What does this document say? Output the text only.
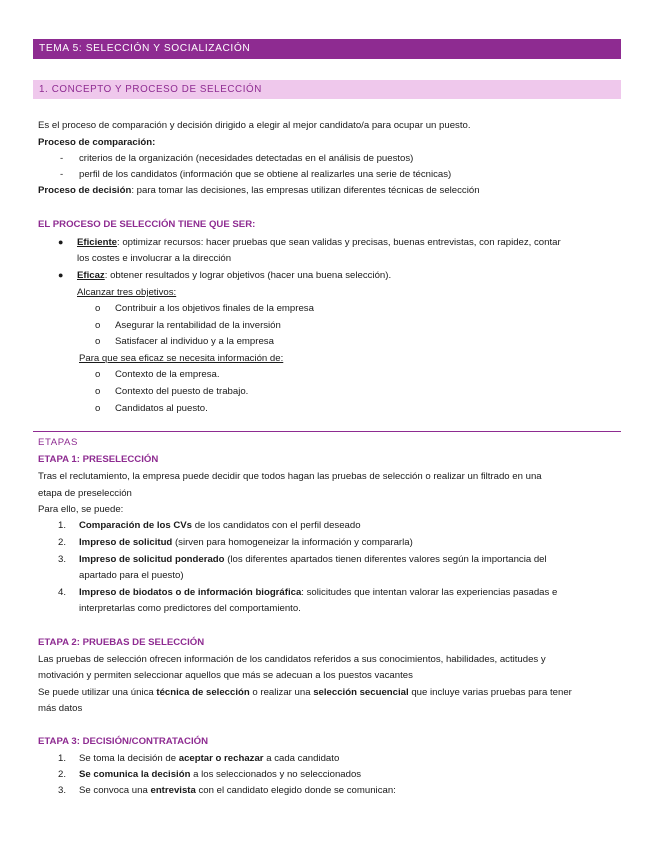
TEMA 5: SELECCIÓN Y SOCIALIZACIÓN
1. CONCEPTO Y PROCESO DE SELECCIÓN
Es el proceso de comparación y decisión dirigido a elegir al mejor candidato/a para ocupar un puesto.
Proceso de comparación:
- criterios de la organización (necesidades detectadas en el análisis de puestos)
- perfil de los candidatos (información que se obtiene al realizarles una serie de técnicas)
Proceso de decisión: para tomar las decisiones, las empresas utilizan diferentes técnicas de selección
EL PROCESO DE SELECCIÓN TIENE QUE SER:
● Eficiente: optimizar recursos: hacer pruebas que sean validas y precisas, buenas entrevistas, con rapidez, contar
los costes e involucrar a la dirección
● Eficaz: obtener resultados y lograr objetivos (hacer una buena selección).
Alcanzar tres objetivos:
o Contribuir a los objetivos finales de la empresa
o Asegurar la rentabilidad de la inversión
o Satisfacer al individuo y a la empresa
Para que sea eficaz se necesita información de:
o Contexto de la empresa.
o Contexto del puesto de trabajo.
o Candidatos al puesto.
ETAPAS
ETAPA 1: PRESELECCIÓN
Tras el reclutamiento, la empresa puede decidir que todos hagan las pruebas de selección o realizar un filtrado en una
etapa de preselección
Para ello, se puede:
1. Comparación de los CVs de los candidatos con el perfil deseado
2. Impreso de solicitud (sirven para homogeneizar la información y compararla)
3. Impreso de solicitud ponderado (los diferentes apartados tienen diferentes valores según la importancia del
apartado para el puesto)
4. Impreso de biodatos o de información biográfica: solicitudes que intentan valorar las experiencias pasadas e
interpretarlas como predictores del comportamiento.
ETAPA 2: PRUEBAS DE SELECCIÓN
Las pruebas de selección ofrecen información de los candidatos referidos a sus conocimientos, habilidades, actitudes y
motivación y permiten seleccionar aquellos que más se adecuan a los puestos vacantes
Se puede utilizar una única técnica de selección o realizar una selección secuencial que incluye varias pruebas para tener
más datos
ETAPA 3: DECISIÓN/CONTRATACIÓN
1. Se toma la decisión de aceptar o rechazar a cada candidato
2. Se comunica la decisión a los seleccionados y no seleccionados
3. Se convoca una entrevista con el candidato elegido donde se comunican:
